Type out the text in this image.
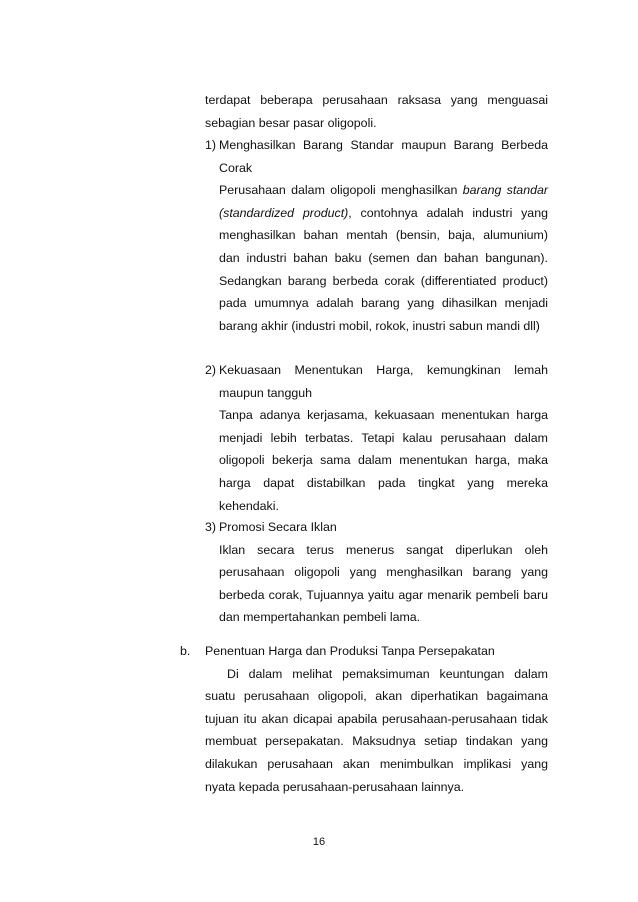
terdapat beberapa perusahaan raksasa yang menguasai sebagian besar pasar oligopoli.

1) Menghasilkan Barang Standar maupun Barang Berbeda Corak
Perusahaan dalam oligopoli menghasilkan barang standar (standardized product), contohnya adalah industri yang menghasilkan bahan mentah (bensin, baja, alumunium) dan industri bahan baku (semen dan bahan bangunan). Sedangkan barang berbeda corak (differentiated product) pada umumnya adalah barang yang dihasilkan menjadi barang akhir (industri mobil, rokok, inustri sabun mandi dll)
2) Kekuasaan Menentukan Harga, kemungkinan lemah maupun tangguh
Tanpa adanya kerjasama, kekuasaan menentukan harga menjadi lebih terbatas. Tetapi kalau perusahaan dalam oligopoli bekerja sama dalam menentukan harga, maka harga dapat distabilkan pada tingkat yang mereka kehendaki.
3) Promosi Secara Iklan
Iklan secara terus menerus sangat diperlukan oleh perusahaan oligopoli yang menghasilkan barang yang berbeda corak, Tujuannya yaitu agar menarik pembeli baru dan mempertahankan pembeli lama.
b. Penentuan Harga dan Produksi Tanpa Persepakatan
Di dalam melihat pemaksimuman keuntungan dalam suatu perusahaan oligopoli, akan diperhatikan bagaimana tujuan itu akan dicapai apabila perusahaan-perusahaan tidak membuat persepakatan. Maksudnya setiap tindakan yang dilakukan perusahaan akan menimbulkan implikasi yang nyata kepada perusahaan-perusahaan lainnya.
16
